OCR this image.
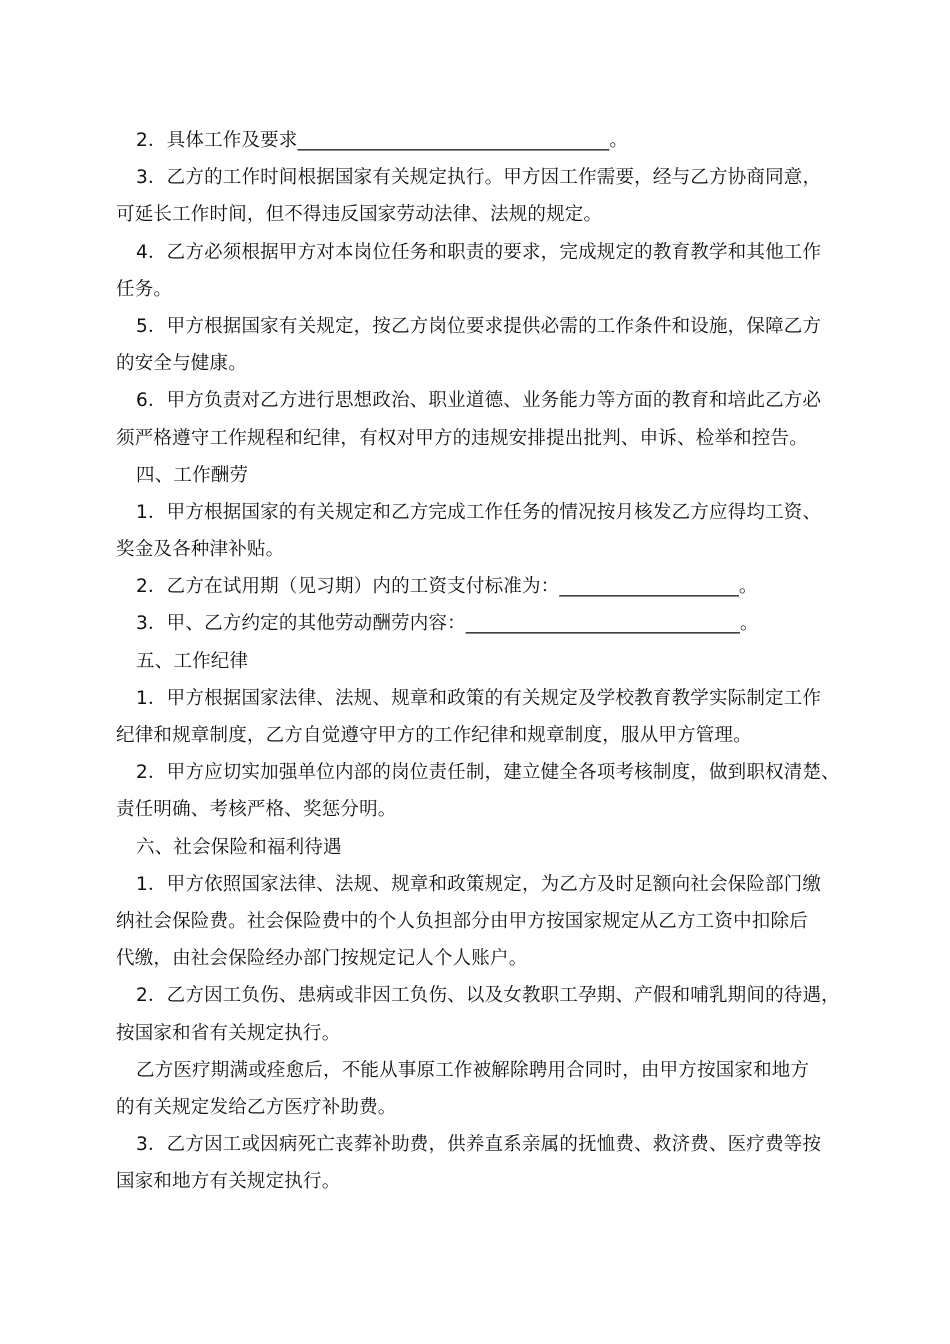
2．具体工作及要求_________________________________。
3．乙方的工作时间根据国家有关规定执行。甲方因工作需要，经与乙方协商同意，
可延长工作时间，但不得违反国家劳动法律、法规的规定。
4．乙方必须根据甲方对本岗位任务和职责的要求，完成规定的教育教学和其他工作
任务。
5．甲方根据国家有关规定，按乙方岗位要求提供必需的工作条件和设施，保障乙方
的安全与健康。
6．甲方负责对乙方进行思想政治、职业道德、业务能力等方面的教育和培此乙方必
须严格遵守工作规程和纪律，有权对甲方的违规安排提出批判、申诉、检举和控告。
四、工作酬劳
1．甲方根据国家的有关规定和乙方完成工作任务的情况按月核发乙方应得均工资、
奖金及各种津补贴。
2．乙方在试用期（见习期）内的工资支付标准为：___________________。
3．甲、乙方约定的其他劳动酬劳内容：_____________________________。
五、工作纪律
1．甲方根据国家法律、法规、规章和政策的有关规定及学校教育教学实际制定工作
纪律和规章制度，乙方自觉遵守甲方的工作纪律和规章制度，服从甲方管理。
2．甲方应切实加强单位内部的岗位责任制，建立健全各项考核制度，做到职权清楚、
责任明确、考核严格、奖惩分明。
六、社会保险和福利待遇
1．甲方依照国家法律、法规、规章和政策规定，为乙方及时足额向社会保险部门缴
纳社会保险费。社会保险费中的个人负担部分由甲方按国家规定从乙方工资中扣除后
代缴，由社会保险经办部门按规定记人个人账户。
2．乙方因工负伤、患病或非因工负伤、以及女教职工孕期、产假和哺乳期间的待遇，
按国家和省有关规定执行。
乙方医疗期满或痊愈后，不能从事原工作被解除聘用合同时，由甲方按国家和地方
的有关规定发给乙方医疗补助费。
3．乙方因工或因病死亡丧葬补助费，供养直系亲属的抚恤费、救济费、医疗费等按
国家和地方有关规定执行。
